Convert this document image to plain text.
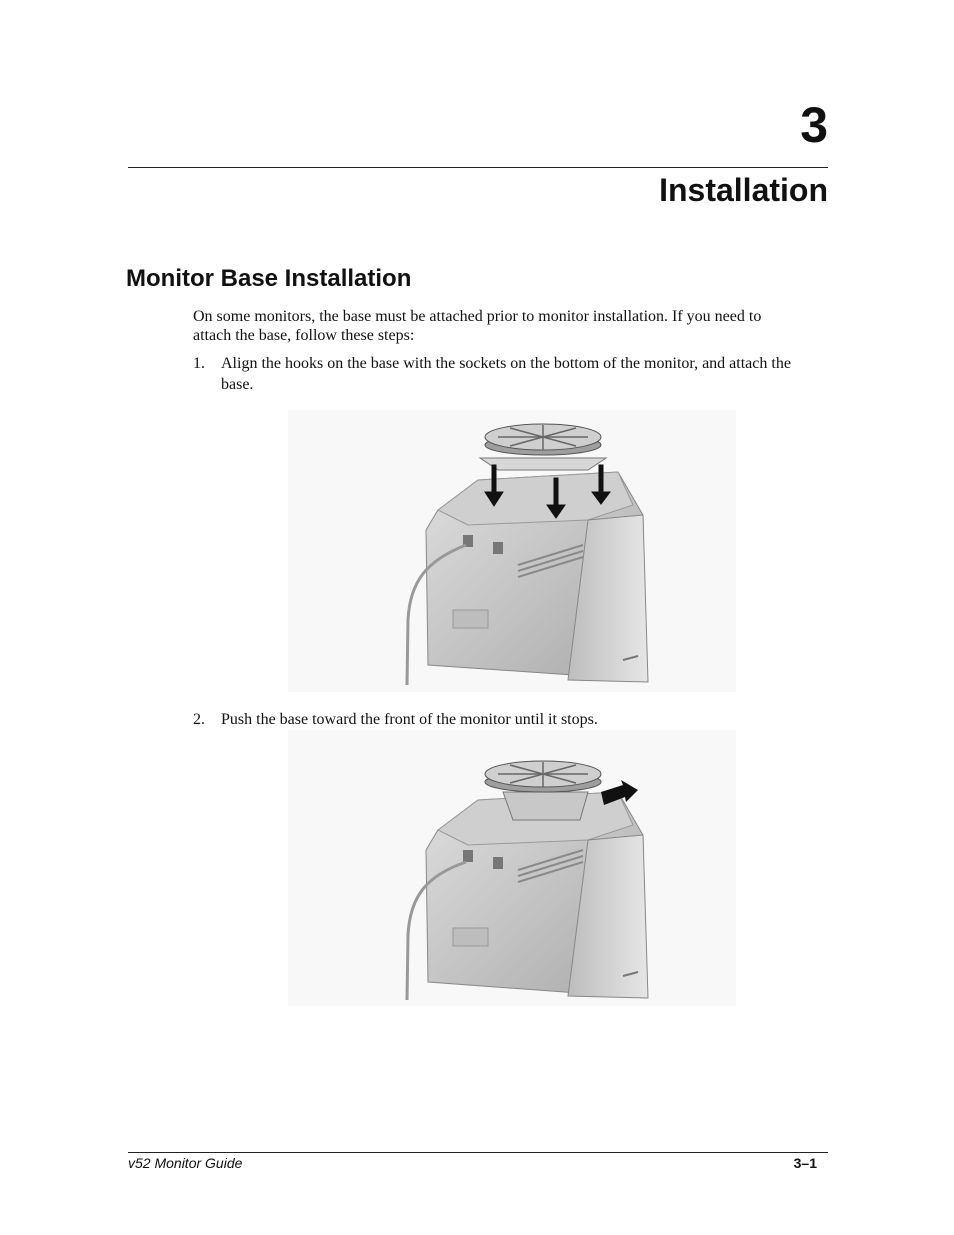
3
Installation
Monitor Base Installation
On some monitors, the base must be attached prior to monitor installation. If you need to attach the base, follow these steps:
1. Align the hooks on the base with the sockets on the bottom of the monitor, and attach the base.
2. Push the base toward the front of the monitor until it stops.
v52 Monitor Guide	3–1
